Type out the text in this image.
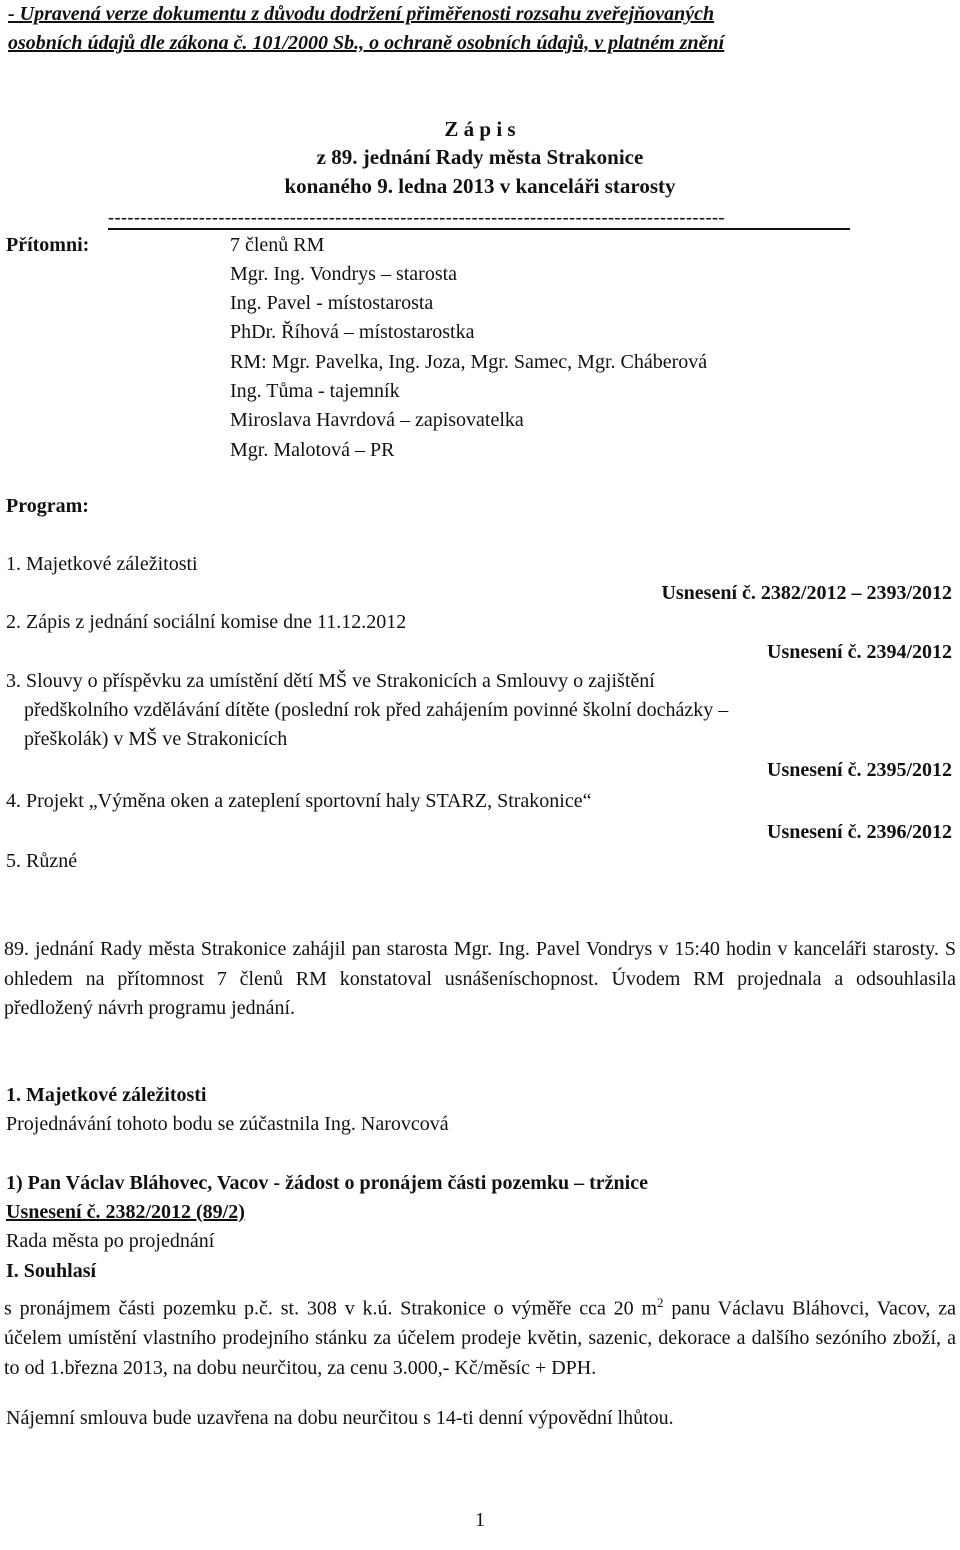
- Upravená verze dokumentu z důvodu dodržení přiměřenosti rozsahu zveřejňovaných
osobních údajů dle zákona č. 101/2000 Sb., o ochraně osobních údajů, v platném znění
Z á p i s
z 89. jednání Rady města Strakonice
konaného 9. ledna 2013 v kanceláři starosty
-----------------------------------------------------------------------------------------------
Přítomni:	7 členů RM
Mgr. Ing. Vondrys – starosta
Ing. Pavel - místostarosta
PhDr. Říhová – místostarostka
RM: Mgr. Pavelka, Ing. Joza, Mgr. Samec, Mgr. Cháberová
Ing. Tůma - tajemník
Miroslava Havrdová – zapisovatelka
Mgr. Malotová – PR
Program:
1. Majetkové záležitosti
Usnesení č. 2382/2012 – 2393/2012
2. Zápis z jednání sociální komise dne 11.12.2012
Usnesení č. 2394/2012
3. Slouvy o příspěvku za umístění dětí MŠ ve Strakonicích a Smlouvy o zajištění
předškolního vzdělávání dítěte (poslední rok před zahájením povinné školní docházky –
přeškolák) v MŠ ve Strakonicích
Usnesení č. 2395/2012
4. Projekt „Výměna oken a zateplení sportovní haly STARZ, Strakonice“
Usnesení č. 2396/2012
5. Různé
89. jednání Rady města Strakonice zahájil pan starosta Mgr. Ing. Pavel Vondrys v 15:40 hodin v kanceláři starosty. S ohledem na přítomnost 7 členů RM konstatoval usnášeníschopnost. Úvodem RM projednala a odsouhlasila předložený návrh programu jednání.
1. Majetkové záležitosti
Projednávání tohoto bodu se zúčastnila Ing. Narovcová
1) Pan Václav Bláhovec, Vacov - žádost o pronájem části pozemku – tržnice
Usnesení č. 2382/2012 (89/2)
Rada města po projednání
I. Souhlasí
s pronájmem části pozemku p.č. st. 308 v k.ú. Strakonice o výměře cca 20 $m^2$ panu Václavu Bláhovci, Vacov, za účelem umístění vlastního prodejního stánku za účelem prodeje květin, sazenic, dekorace a dalšího sezóního zboží, a to od 1.března 2013, na dobu neurčitou, za cenu 3.000,- Kč/měsíc + DPH.
Nájemní smlouva bude uzavřena na dobu neurčitou s 14-ti denní výpovědní lhůtou.
1
